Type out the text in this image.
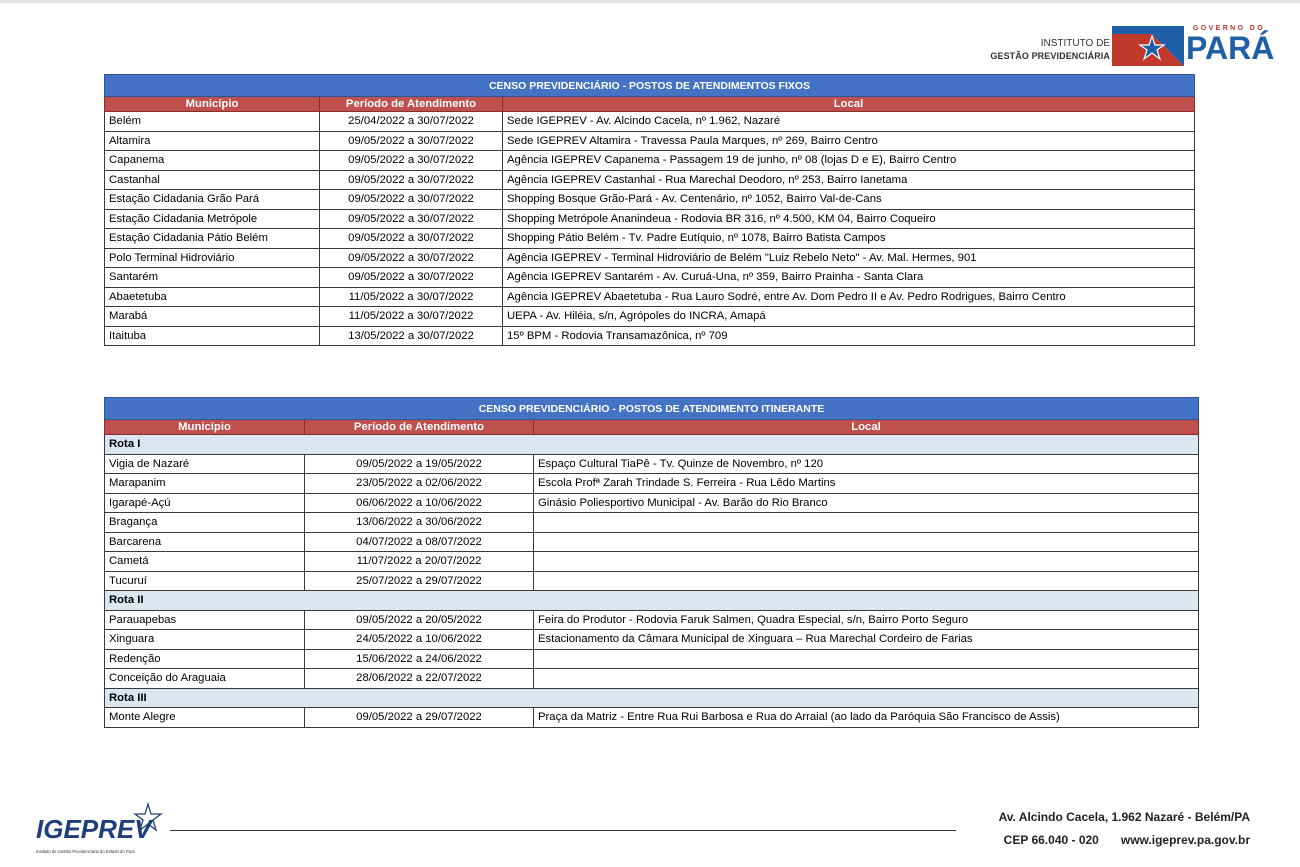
INSTITUTO DE
GESTÃO PREVIDENCIÁRIA
GOVERNO DO
PARÁ
CENSO PREVIDENCIÁRIO - POSTOS DE ATENDIMENTOS FIXOS		
Município	Período de Atendimento	Local
Belém	25/04/2022 a 30/07/2022	Sede IGEPREV - Av. Alcindo Cacela, nº 1.962, Nazaré
Altamira	09/05/2022 a 30/07/2022	Sede IGEPREV Altamira - Travessa Paula Marques, nº 269, Bairro Centro
Capanema	09/05/2022 a 30/07/2022	Agência IGEPREV Capanema - Passagem 19 de junho, nº 08 (lojas D e E), Bairro Centro
Castanhal	09/05/2022 a 30/07/2022	Agência IGEPREV Castanhal - Rua Marechal Deodoro, nº 253, Bairro Ianetama
Estação Cidadania Grão Pará	09/05/2022 a 30/07/2022	Shopping Bosque Grão-Pará - Av. Centenário, nº 1052, Bairro Val-de-Cans
Estação Cidadania Metrópole	09/05/2022 a 30/07/2022	Shopping Metrópole Ananindeua - Rodovia BR 316, nº 4.500, KM 04, Bairro Coqueiro
Estação Cidadania Pátio Belém	09/05/2022 a 30/07/2022	Shopping Pátio Belém - Tv. Padre Eutíquio, nº 1078, Bairro Batista Campos
Polo Terminal Hidroviário	09/05/2022 a 30/07/2022	Agência IGEPREV - Terminal Hidroviário de Belém "Luiz Rebelo Neto" - Av. Mal. Hermes, 901
Santarém	09/05/2022 a 30/07/2022	Agência IGEPREV Santarém - Av. Curuá-Una, nº 359, Bairro Prainha - Santa Clara
Abaetetuba	11/05/2022 a 30/07/2022	Agência IGEPREV Abaetetuba - Rua Lauro Sodré, entre Av. Dom Pedro II e Av. Pedro Rodrigues, Bairro Centro
Marabá	11/05/2022 a 30/07/2022	UEPA - Av. Hiléia, s/n, Agrópoles do INCRA, Amapá
Itaituba	13/05/2022 a 30/07/2022	15º BPM - Rodovia Transamazônica, nº 709
CENSO PREVIDENCIÁRIO - POSTOS DE ATENDIMENTO ITINERANTE		
Município	Período de Atendimento	Local
Rota I		
Vigia de Nazaré	09/05/2022 a 19/05/2022	Espaço Cultural TiaPê - Tv. Quinze de Novembro, nº 120
Marapanim	23/05/2022 a 02/06/2022	Escola Profª Zarah Trindade S. Ferreira - Rua Lêdo Martins
Igarapé-Açú	06/06/2022 a 10/06/2022	Ginásio Poliesportivo Municipal - Av. Barão do Rio Branco
Bragança	13/06/2022 a 30/06/2022	
Barcarena	04/07/2022 a 08/07/2022	
Cametá	11/07/2022 a 20/07/2022	
Tucuruí	25/07/2022 a 29/07/2022	
Rota II		
Parauapebas	09/05/2022 a 20/05/2022	Feira do Produtor - Rodovia Faruk Salmen, Quadra Especial, s/n, Bairro Porto Seguro
Xinguara	24/05/2022 a 10/06/2022	Estacionamento da Câmara Municipal de Xinguara – Rua Marechal Cordeiro de Farias
Redenção	15/06/2022 a 24/06/2022	
Conceição do Araguaia	28/06/2022 a 22/07/2022	
Rota III		
Monte Alegre	09/05/2022 a 29/07/2022	Praça da Matriz - Entre Rua Rui Barbosa e Rua do Arraial (ao lado da Paróquia São Francisco de Assis)
IGEPREV
Instituto de Gestão Previdenciária do Estado do Pará
Av. Alcindo Cacela, 1.962 Nazaré - Belém/PA
CEP 66.040 - 020 www.igeprev.pa.gov.br
